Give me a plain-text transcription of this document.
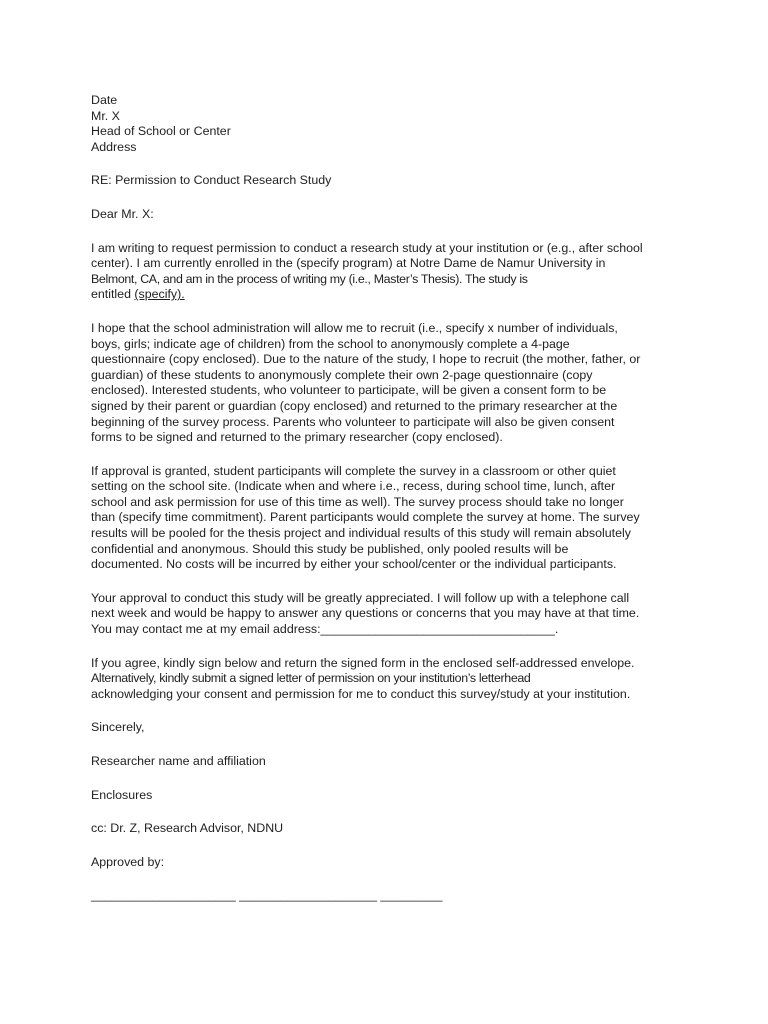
Date
Mr. X
Head of School or Center
Address
RE: Permission to Conduct Research Study
Dear Mr. X:
I am writing to request permission to conduct a research study at your institution or (e.g., after school
center). I am currently enrolled in the (specify program) at Notre Dame de Namur University in
Belmont, CA, and am in the process of writing my (i.e., Master’s Thesis). The study is
entitled (specify).
I hope that the school administration will allow me to recruit (i.e., specify x number of individuals,
boys, girls; indicate age of children) from the school to anonymously complete a 4-page
questionnaire (copy enclosed). Due to the nature of the study, I hope to recruit (the mother, father, or
guardian) of these students to anonymously complete their own 2-page questionnaire (copy
enclosed). Interested students, who volunteer to participate, will be given a consent form to be
signed by their parent or guardian (copy enclosed) and returned to the primary researcher at the
beginning of the survey process. Parents who volunteer to participate will also be given consent
forms to be signed and returned to the primary researcher (copy enclosed).
If approval is granted, student participants will complete the survey in a classroom or other quiet
setting on the school site. (Indicate when and where i.e., recess, during school time, lunch, after
school and ask permission for use of this time as well). The survey process should take no longer
than (specify time commitment). Parent participants would complete the survey at home. The survey
results will be pooled for the thesis project and individual results of this study will remain absolutely
confidential and anonymous. Should this study be published, only pooled results will be
documented. No costs will be incurred by either your school/center or the individual participants.
Your approval to conduct this study will be greatly appreciated. I will follow up with a telephone call
next week and would be happy to answer any questions or concerns that you may have at that time.
You may contact me at my email address:__________________________________.
If you agree, kindly sign below and return the signed form in the enclosed self-addressed envelope.
Alternatively, kindly submit a signed letter of permission on your institution’s letterhead
acknowledging your consent and permission for me to conduct this survey/study at your institution.
Sincerely,
Researcher name and affiliation
Enclosures
cc: Dr. Z, Research Advisor, NDNU
Approved by:
_____________________ ____________________ _________
